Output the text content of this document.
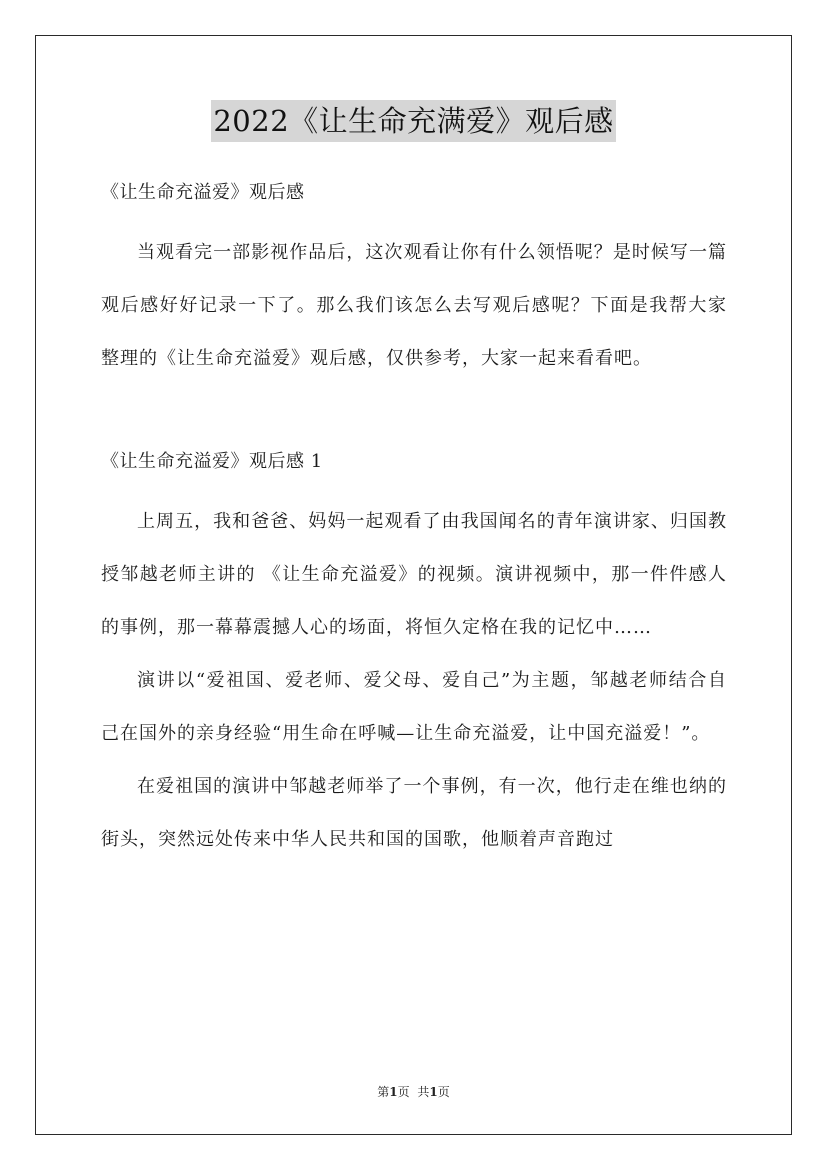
2022《让生命充满爱》观后感

《让生命充溢爱》观后感

当观看完一部影视作品后，这次观看让你有什么领悟呢？是时候写一篇观后感好好记录一下了。那么我们该怎么去写观后感呢？下面是我帮大家整理的《让生命充溢爱》观后感，仅供参考，大家一起来看看吧。

《让生命充溢爱》观后感 1

上周五，我和爸爸、妈妈一起观看了由我国闻名的青年演讲家、归国教授邹越老师主讲的 《让生命充溢爱》的视频。演讲视频中，那一件件感人的事例，那一幕幕震撼人心的场面，将恒久定格在我的记忆中……

演讲以“爱祖国、爱老师、爱父母、爱自己”为主题，邹越老师结合自己在国外的亲身经验“用生命在呼喊—让生命充溢爱，让中国充溢爱！”。

在爱祖国的演讲中邹越老师举了一个事例，有一次，他行走在维也纳的街头，突然远处传来中华人民共和国的国歌，他顺着声音跑过

第1页 共1页
